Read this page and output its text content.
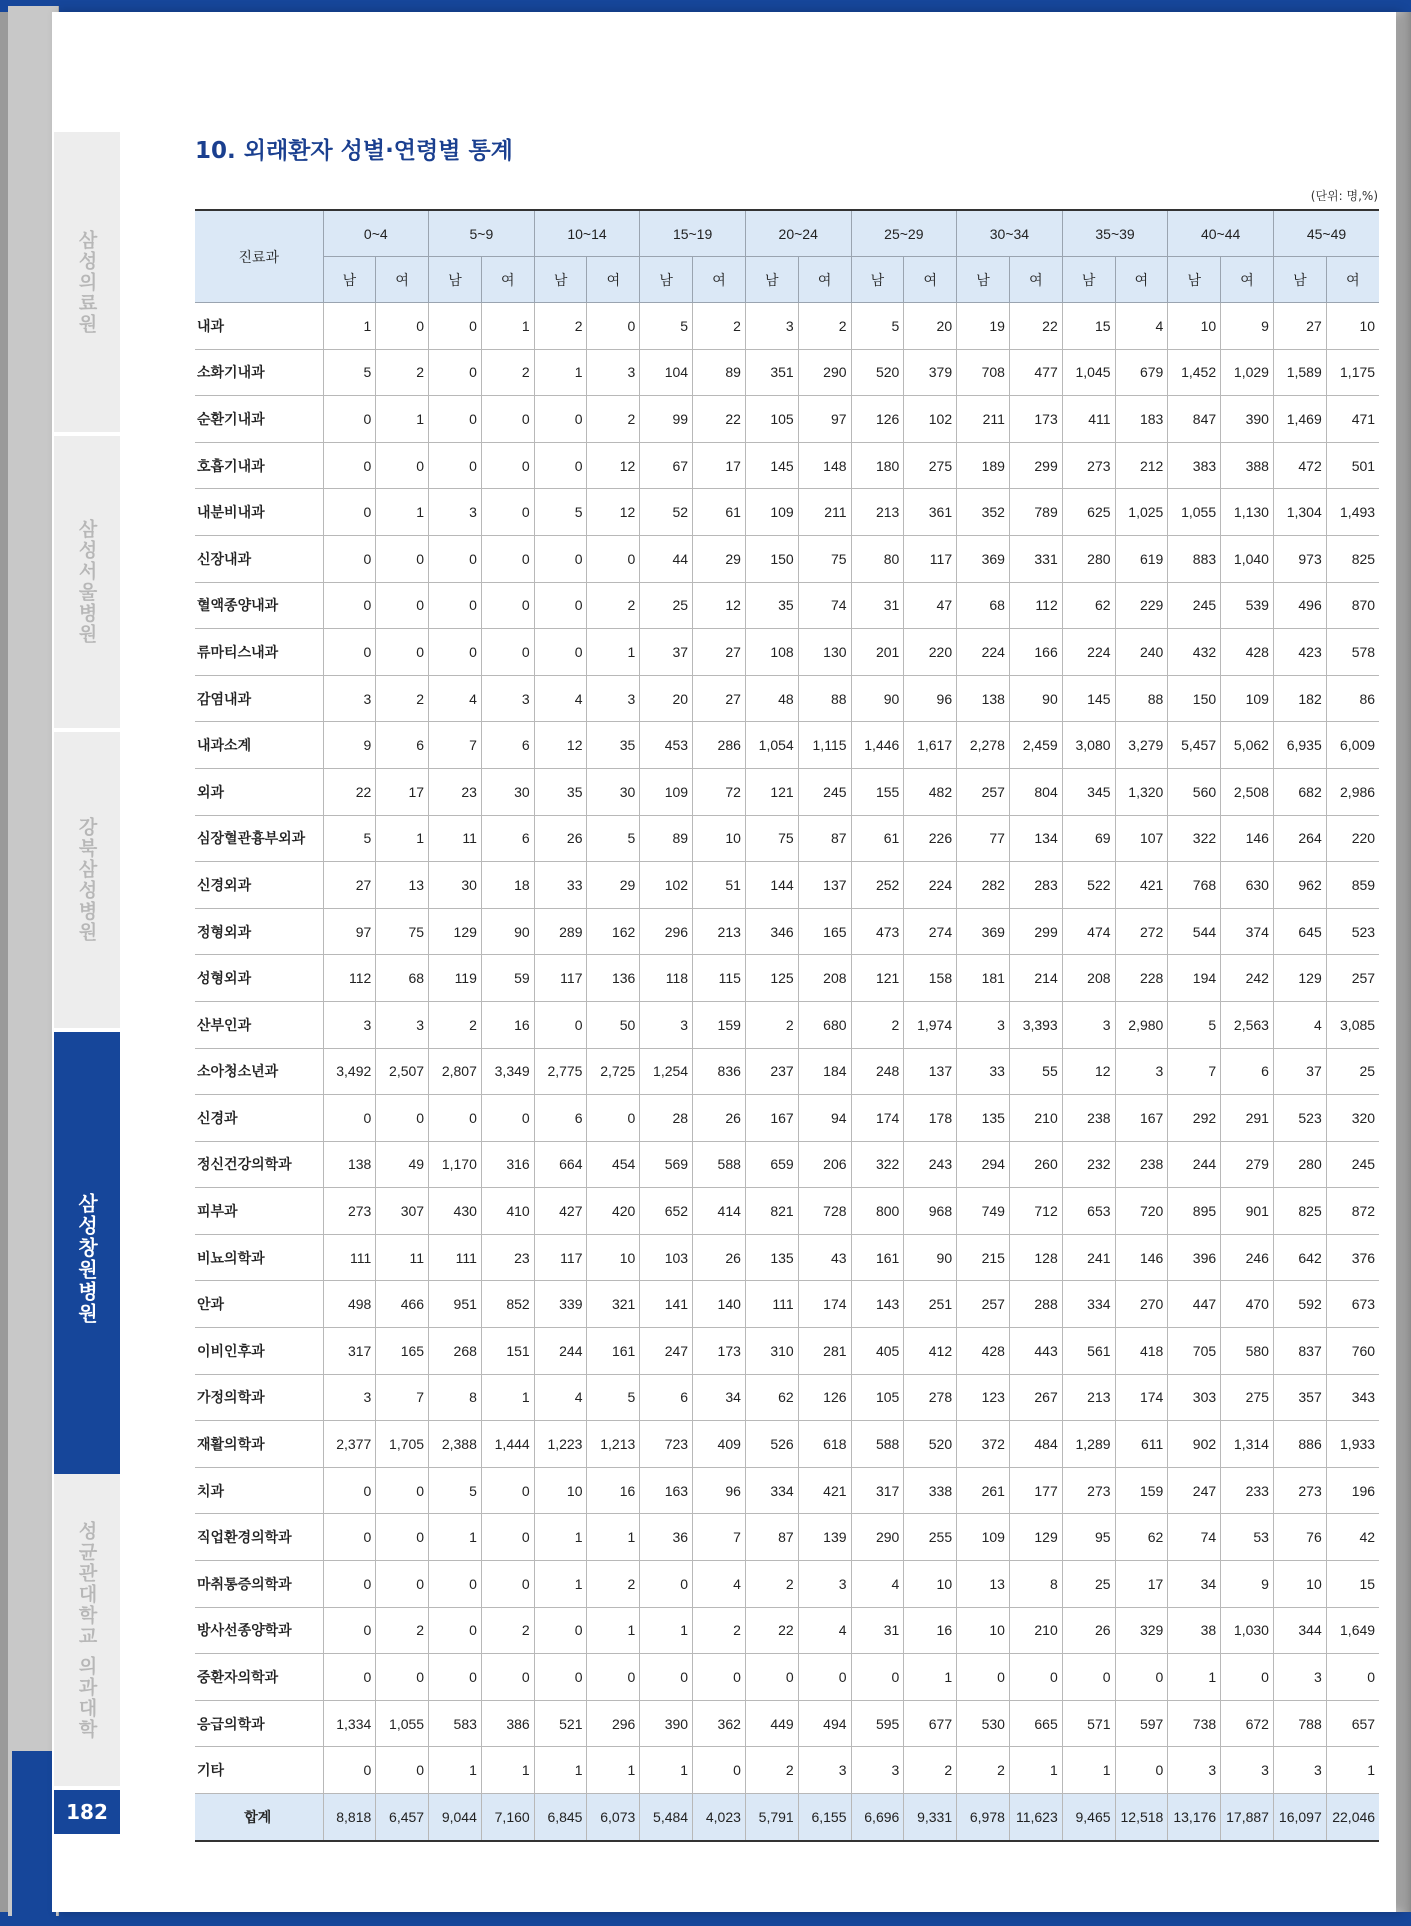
삼성의료원
삼성서울병원
강북삼성병원
삼성창원병원
성균관대학교 의과대학
182
10. 외래환자 성별·연령별 통계
(단위: 명,%)
진료과	0~4		5~9		10~14		15~19		20~24		25~29		30~34		35~39		40~44		45~49	
	남	여	남	여	남	여	남	여	남	여	남	여	남	여	남	여	남	여	남	여
내과	1	0	0	1	2	0	5	2	3	2	5	20	19	22	15	4	10	9	27	10
소화기내과	5	2	0	2	1	3	104	89	351	290	520	379	708	477	1,045	679	1,452	1,029	1,589	1,175
순환기내과	0	1	0	0	0	2	99	22	105	97	126	102	211	173	411	183	847	390	1,469	471
호흡기내과	0	0	0	0	0	12	67	17	145	148	180	275	189	299	273	212	383	388	472	501
내분비내과	0	1	3	0	5	12	52	61	109	211	213	361	352	789	625	1,025	1,055	1,130	1,304	1,493
신장내과	0	0	0	0	0	0	44	29	150	75	80	117	369	331	280	619	883	1,040	973	825
혈액종양내과	0	0	0	0	0	2	25	12	35	74	31	47	68	112	62	229	245	539	496	870
류마티스내과	0	0	0	0	0	1	37	27	108	130	201	220	224	166	224	240	432	428	423	578
감염내과	3	2	4	3	4	3	20	27	48	88	90	96	138	90	145	88	150	109	182	86
내과소계	9	6	7	6	12	35	453	286	1,054	1,115	1,446	1,617	2,278	2,459	3,080	3,279	5,457	5,062	6,935	6,009
외과	22	17	23	30	35	30	109	72	121	245	155	482	257	804	345	1,320	560	2,508	682	2,986
심장혈관흉부외과	5	1	11	6	26	5	89	10	75	87	61	226	77	134	69	107	322	146	264	220
신경외과	27	13	30	18	33	29	102	51	144	137	252	224	282	283	522	421	768	630	962	859
정형외과	97	75	129	90	289	162	296	213	346	165	473	274	369	299	474	272	544	374	645	523
성형외과	112	68	119	59	117	136	118	115	125	208	121	158	181	214	208	228	194	242	129	257
산부인과	3	3	2	16	0	50	3	159	2	680	2	1,974	3	3,393	3	2,980	5	2,563	4	3,085
소아청소년과	3,492	2,507	2,807	3,349	2,775	2,725	1,254	836	237	184	248	137	33	55	12	3	7	6	37	25
신경과	0	0	0	0	6	0	28	26	167	94	174	178	135	210	238	167	292	291	523	320
정신건강의학과	138	49	1,170	316	664	454	569	588	659	206	322	243	294	260	232	238	244	279	280	245
피부과	273	307	430	410	427	420	652	414	821	728	800	968	749	712	653	720	895	901	825	872
비뇨의학과	111	11	111	23	117	10	103	26	135	43	161	90	215	128	241	146	396	246	642	376
안과	498	466	951	852	339	321	141	140	111	174	143	251	257	288	334	270	447	470	592	673
이비인후과	317	165	268	151	244	161	247	173	310	281	405	412	428	443	561	418	705	580	837	760
가정의학과	3	7	8	1	4	5	6	34	62	126	105	278	123	267	213	174	303	275	357	343
재활의학과	2,377	1,705	2,388	1,444	1,223	1,213	723	409	526	618	588	520	372	484	1,289	611	902	1,314	886	1,933
치과	0	0	5	0	10	16	163	96	334	421	317	338	261	177	273	159	247	233	273	196
직업환경의학과	0	0	1	0	1	1	36	7	87	139	290	255	109	129	95	62	74	53	76	42
마취통증의학과	0	0	0	0	1	2	0	4	2	3	4	10	13	8	25	17	34	9	10	15
방사선종양학과	0	2	0	2	0	1	1	2	22	4	31	16	10	210	26	329	38	1,030	344	1,649
중환자의학과	0	0	0	0	0	0	0	0	0	0	0	1	0	0	0	0	1	0	3	0
응급의학과	1,334	1,055	583	386	521	296	390	362	449	494	595	677	530	665	571	597	738	672	788	657
기타	0	0	1	1	1	1	1	0	2	3	3	2	2	1	1	0	3	3	3	1
합계	8,818	6,457	9,044	7,160	6,845	6,073	5,484	4,023	5,791	6,155	6,696	9,331	6,978	11,623	9,465	12,518	13,176	17,887	16,097	22,046
